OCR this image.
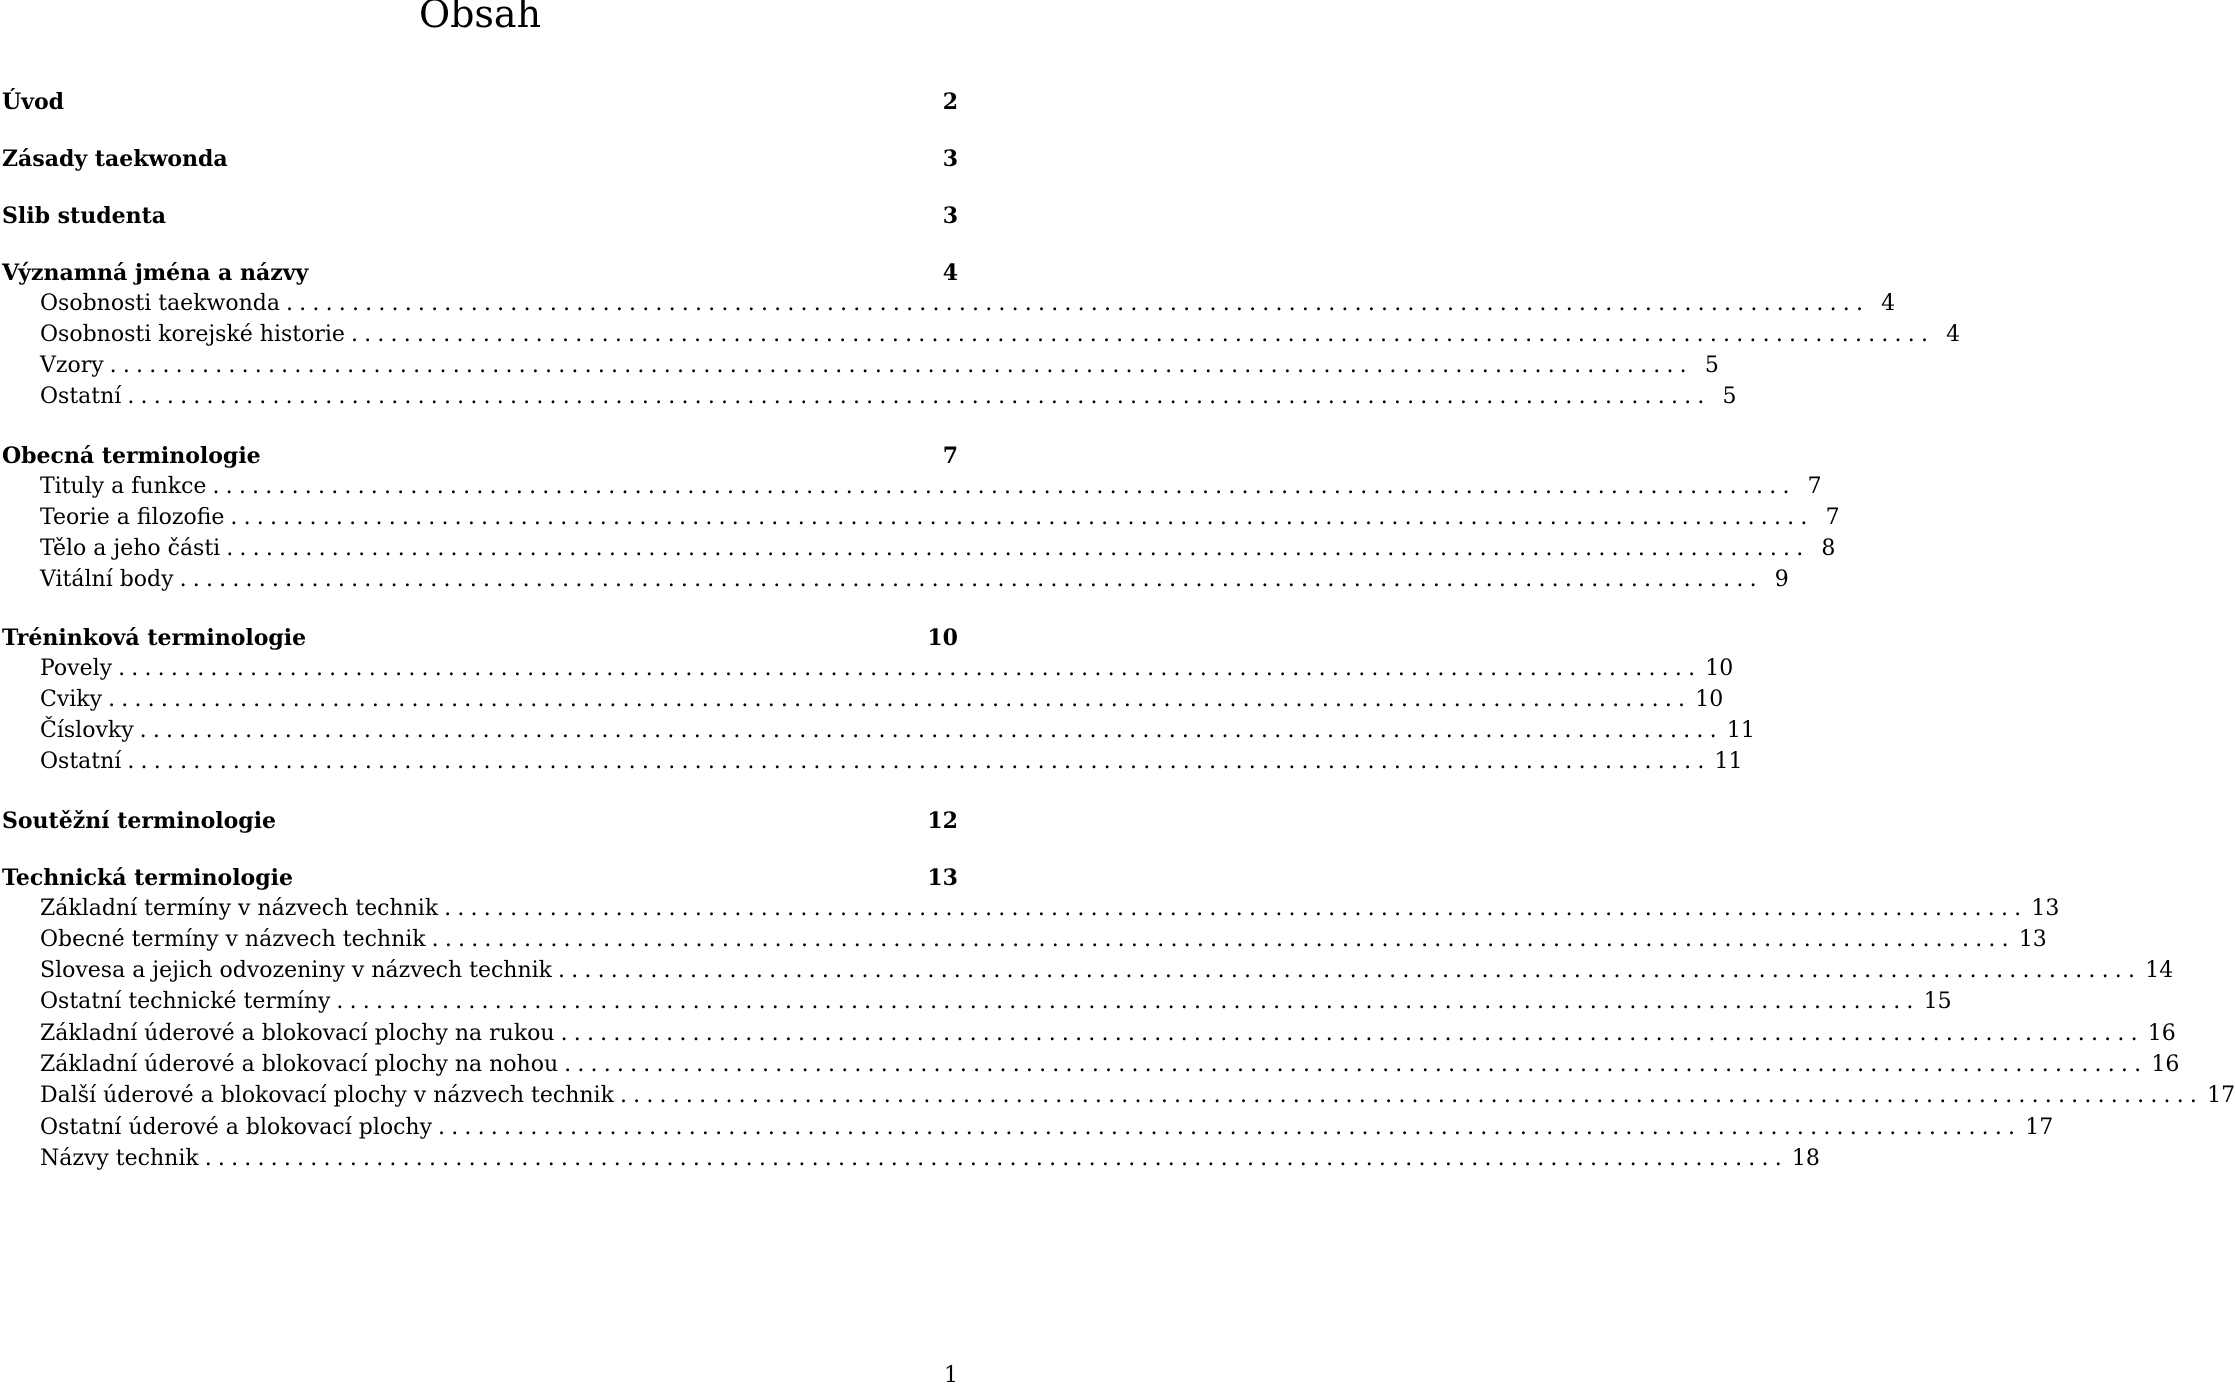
Obsah
Úvod	2
Zásady taekwonda	3
Slib studenta	3
Významná jména a názvy	4
Osobnosti taekwonda ........................................................................................................................ 4
Osobnosti korejské historie ........................................................................................................................ 4
Vzory ........................................................................................................................ 5
Ostatní ........................................................................................................................ 5
Obecná terminologie	7
Tituly a funkce ........................................................................................................................ 7
Teorie a filozofie ........................................................................................................................ 7
Tělo a jeho části ........................................................................................................................ 8
Vitální body ........................................................................................................................ 9
Tréninková terminologie	10
Povely ........................................................................................................................ 10
Cviky ........................................................................................................................ 10
Číslovky ........................................................................................................................ 11
Ostatní ........................................................................................................................ 11
Soutěžní terminologie	12
Technická terminologie	13
Základní termíny v názvech technik ........................................................................................................................ 13
Obecné termíny v názvech technik ........................................................................................................................ 13
Slovesa a jejich odvozeniny v názvech technik ........................................................................................................................ 14
Ostatní technické termíny ........................................................................................................................ 15
Základní úderové a blokovací plochy na rukou ........................................................................................................................ 16
Základní úderové a blokovací plochy na nohou ........................................................................................................................ 16
Další úderové a blokovací plochy v názvech technik ........................................................................................................................ 17
Ostatní úderové a blokovací plochy ........................................................................................................................ 17
Názvy technik ........................................................................................................................ 18
1
